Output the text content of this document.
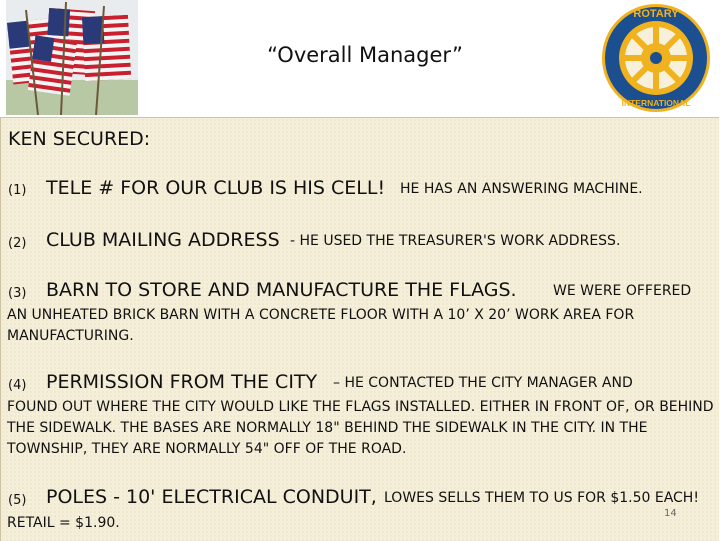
“Overall Manager”
ROTARY
INTERNATIONAL
KEN SECURED:
(1) TELE # FOR OUR CLUB IS HIS CELL! HE HAS AN ANSWERING MACHINE.
(2) CLUB MAILING ADDRESS - HE USED THE TREASURER'S WORK ADDRESS.
(3) BARN TO STORE AND MANUFACTURE THE FLAGS.	WE WERE OFFERED
AN UNHEATED BRICK BARN WITH A CONCRETE FLOOR WITH A 10’ X 20’ WORK AREA FOR MANUFACTURING.
(4) PERMISSION FROM THE CITY – HE CONTACTED THE CITY MANAGER AND
FOUND OUT WHERE THE CITY WOULD LIKE THE FLAGS INSTALLED. EITHER IN FRONT OF, OR BEHIND THE SIDEWALK. THE BASES ARE NORMALLY 18" BEHIND THE SIDEWALK IN THE CITY. IN THE TOWNSHIP, THEY ARE NORMALLY 54" OFF OF THE ROAD.
(5) POLES - 10' ELECTRICAL CONDUIT, LOWES SELLS THEM TO US FOR $1.50 EACH!
RETAIL = $1.90.
14
